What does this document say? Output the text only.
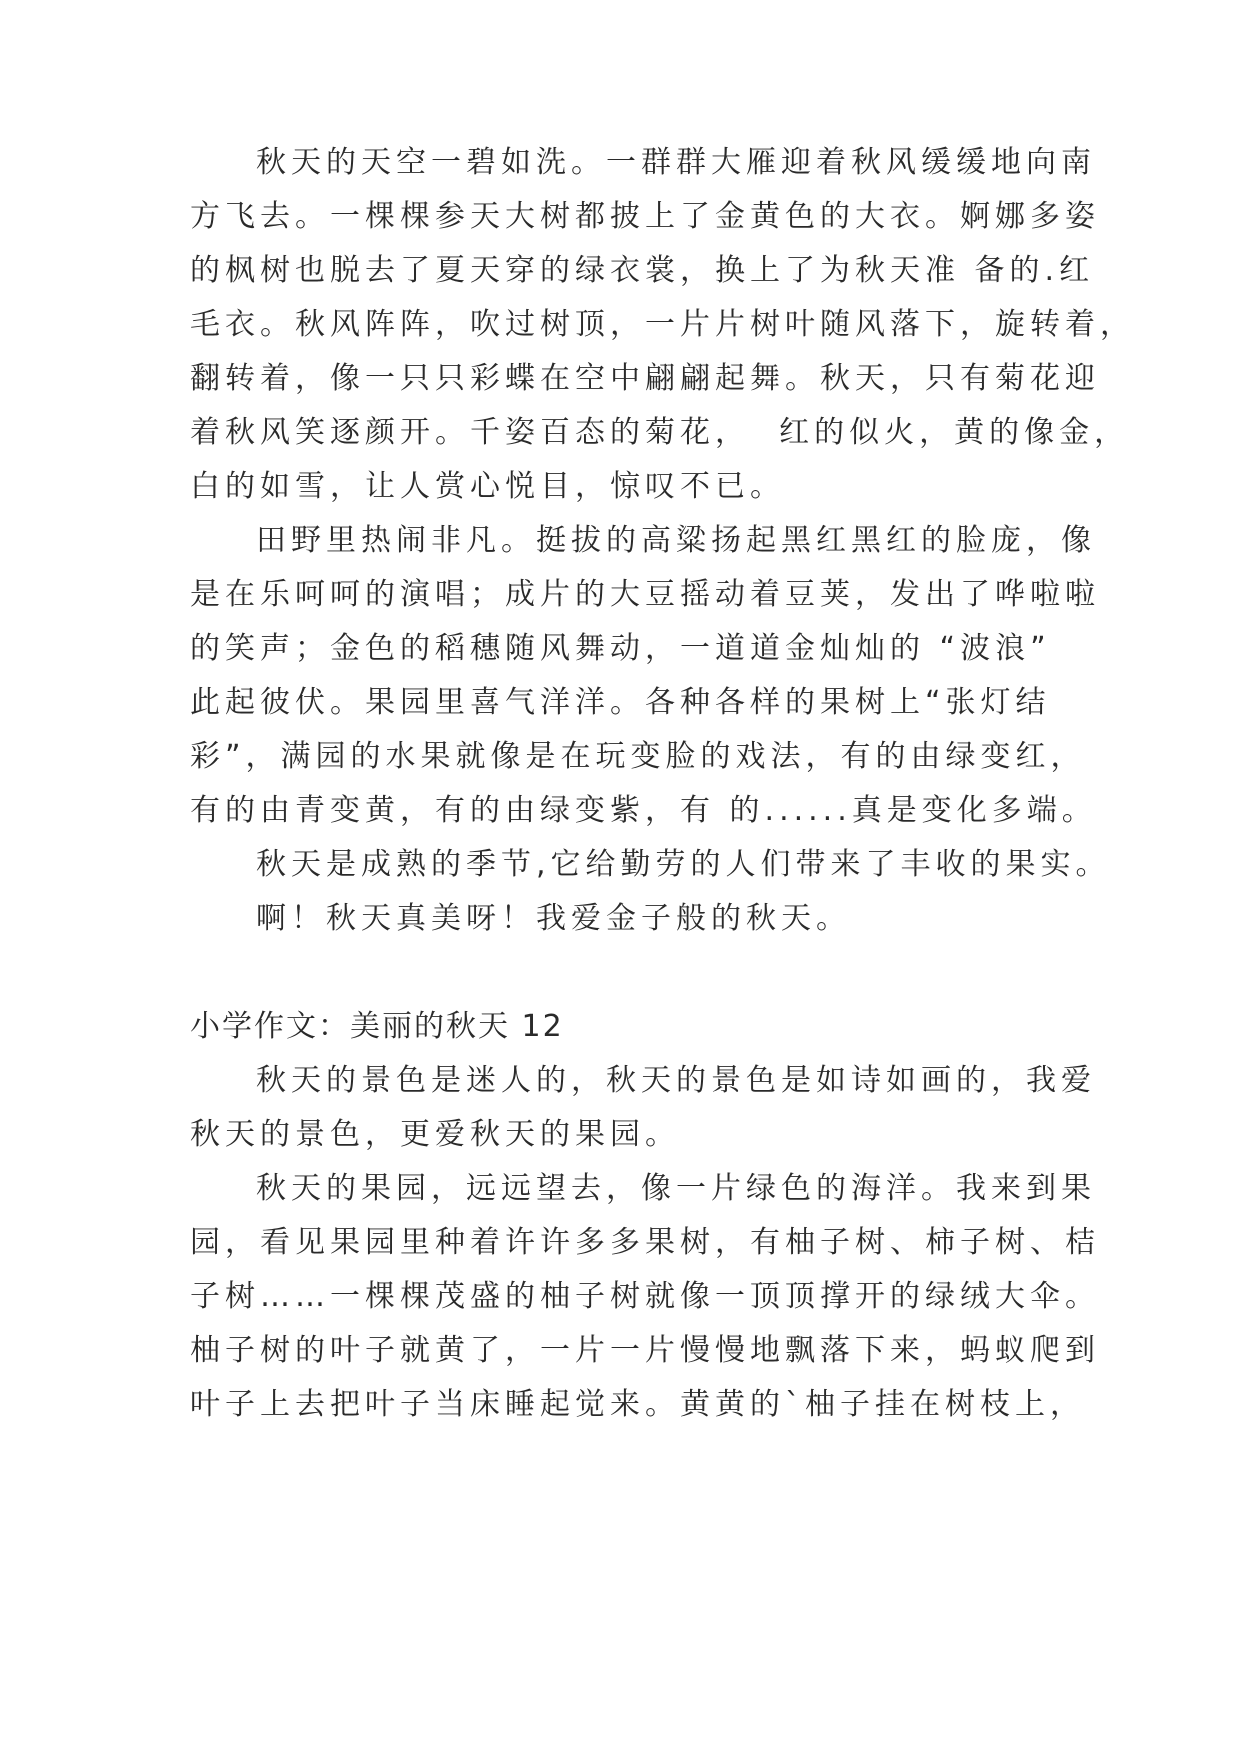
秋天的天空一碧如洗。一群群大雁迎着秋风缓缓地向南
方飞去。一棵棵参天大树都披上了金黄色的大衣。婀娜多姿
的枫树也脱去了夏天穿的绿衣裳，换上了为秋天准 备的.红
毛衣。秋风阵阵，吹过树顶，一片片树叶随风落下，旋转着，
翻转着，像一只只彩蝶在空中翩翩起舞。秋天，只有菊花迎
着秋风笑逐颜开。千姿百态的菊花，  红的似火，黄的像金，
白的如雪，让人赏心悦目，惊叹不已。
田野里热闹非凡。挺拔的高粱扬起黑红黑红的脸庞，像
是在乐呵呵的演唱；成片的大豆摇动着豆荚，发出了哗啦啦
的笑声；金色的稻穗随风舞动，一道道金灿灿的 “波浪”
此起彼伏。果园里喜气洋洋。各种各样的果树上“张灯结
彩”，满园的水果就像是在玩变脸的戏法，有的由绿变红，
有的由青变黄，有的由绿变紫，有 的......真是变化多端。
秋天是成熟的季节,它给勤劳的人们带来了丰收的果实。
啊！秋天真美呀！我爱金子般的秋天。
小学作文：美丽的秋天 12
秋天的景色是迷人的，秋天的景色是如诗如画的，我爱
秋天的景色，更爱秋天的果园。
秋天的果园，远远望去，像一片绿色的海洋。我来到果
园，看见果园里种着许许多多果树，有柚子树、柿子树、桔
子树……一棵棵茂盛的柚子树就像一顶顶撑开的绿绒大伞。
柚子树的叶子就黄了，一片一片慢慢地飘落下来，蚂蚁爬到
叶子上去把叶子当床睡起觉来。黄黄的`柚子挂在树枝上，
